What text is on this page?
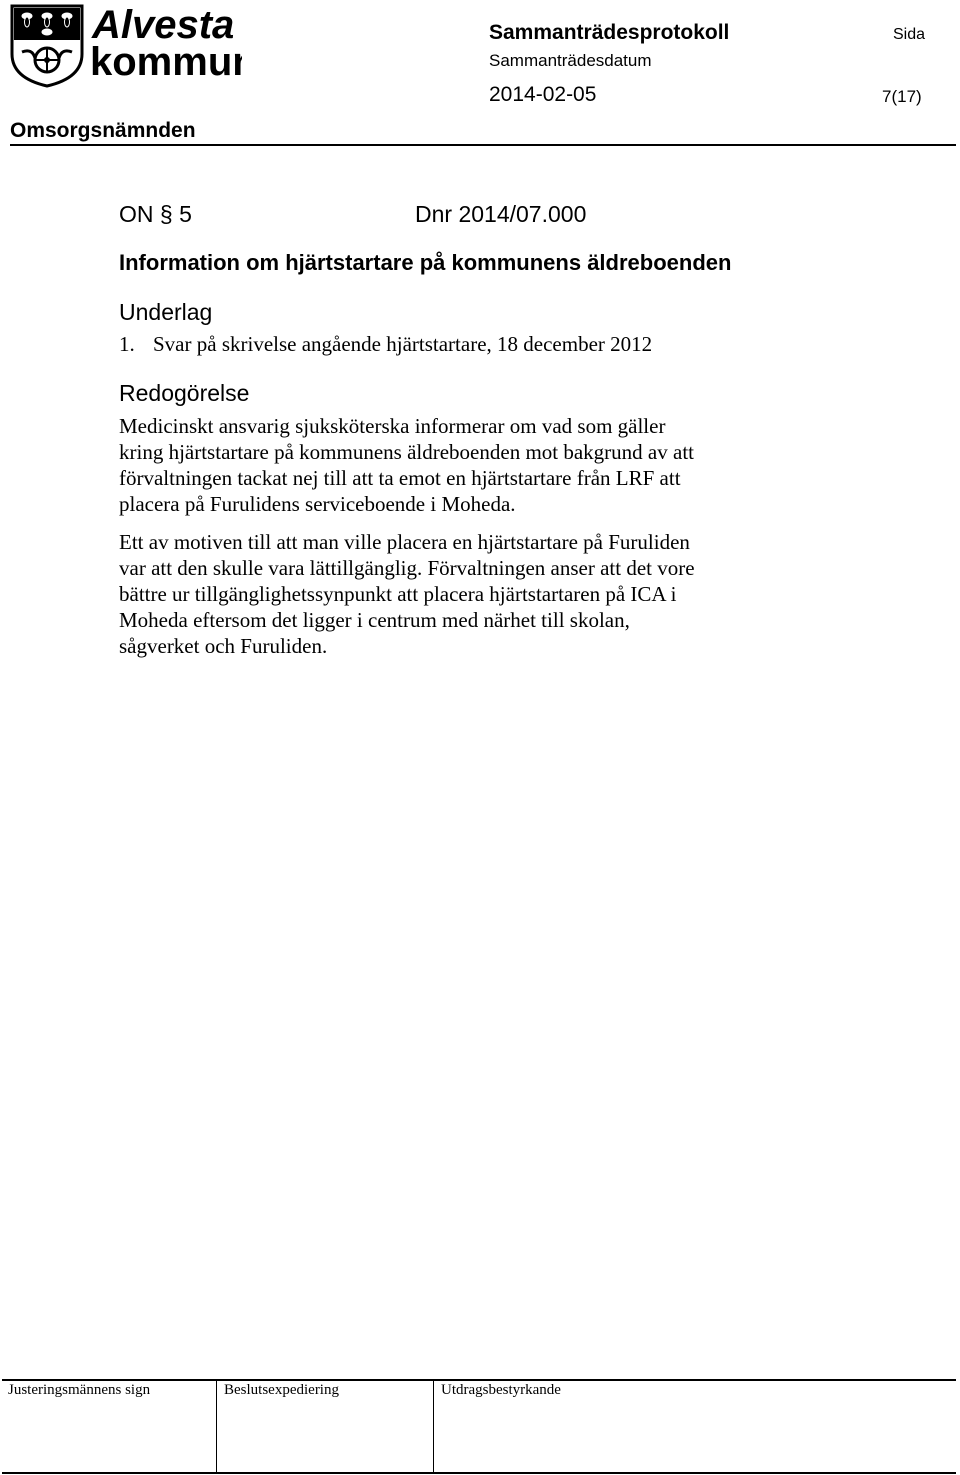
Alvesta
kommun
Sammanträdesprotokoll	Sida
Sammanträdesdatum
2014-02-05	7(17)
Omsorgsnämnden
ON § 5	Dnr 2014/07.000
Information om hjärtstartare på kommunens äldreboenden
Underlag
1. Svar på skrivelse angående hjärtstartare, 18 december 2012
Redogörelse

Medicinskt ansvarig sjuksköterska informerar om vad som gäller
kring hjärtstartare på kommunens äldreboenden mot bakgrund av att
förvaltningen tackat nej till att ta emot en hjärtstartare från LRF att
placera på Furulidens serviceboende i Moheda.

Ett av motiven till att man ville placera en hjärtstartare på Furuliden
var att den skulle vara lättillgänglig. Förvaltningen anser att det vore
bättre ur tillgänglighetssynpunkt att placera hjärtstartaren på ICA i
Moheda eftersom det ligger i centrum med närhet till skolan,
sågverket och Furuliden.

Justeringsmännens sign	Beslutsexpediering	Utdragsbestyrkande
